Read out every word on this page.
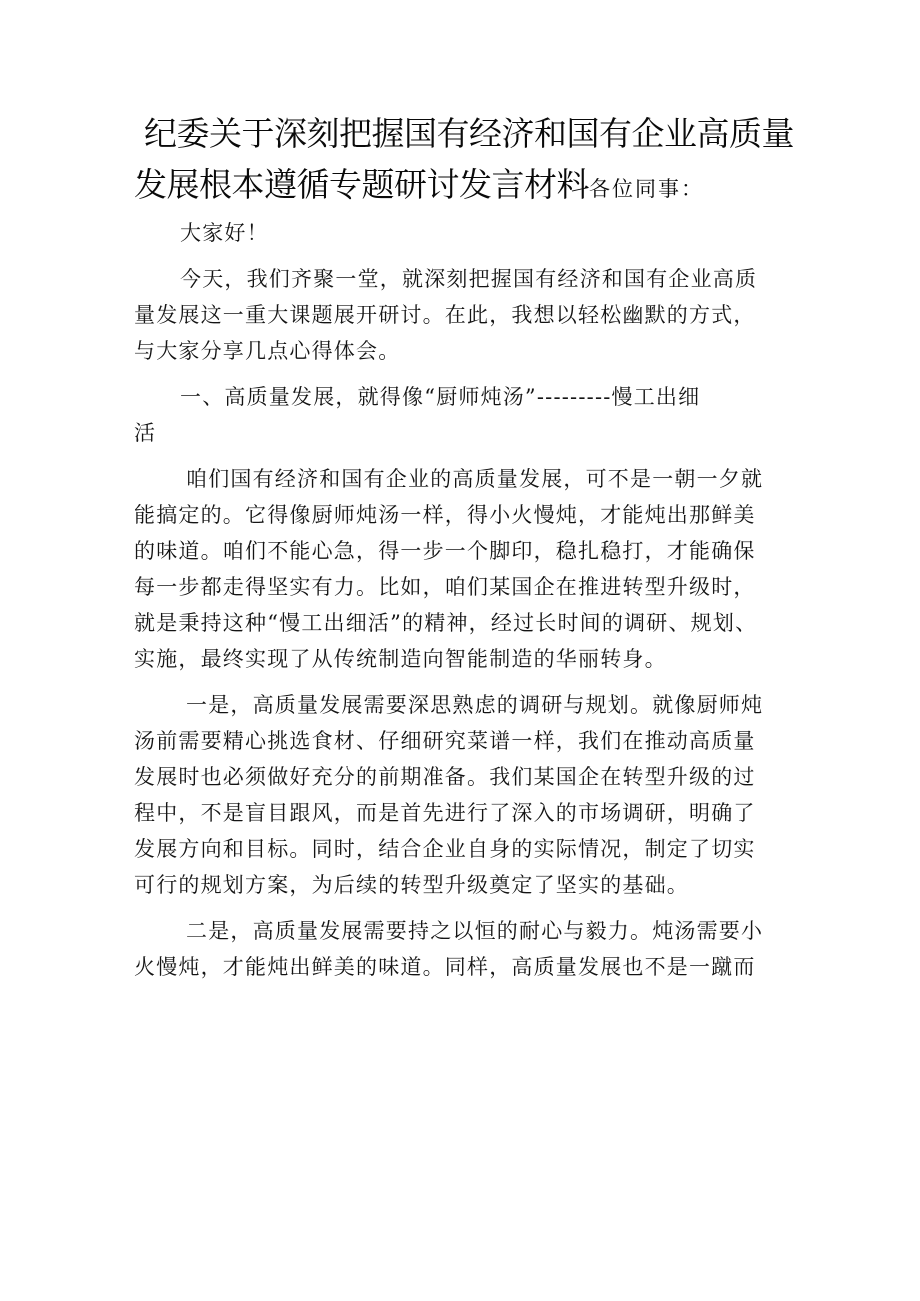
纪委关于深刻把握国有经济和国有企业高质量
发展根本遵循专题研讨发言材料各位同事：
大家好！
今天，我们齐聚一堂，就深刻把握国有经济和国有企业高质
量发展这一重大课题展开研讨。在此，我想以轻松幽默的方式，
与大家分享几点心得体会。
一、高质量发展，就得像“厨师炖汤”---------慢工出细
活
咱们国有经济和国有企业的高质量发展，可不是一朝一夕就
能搞定的。它得像厨师炖汤一样，得小火慢炖，才能炖出那鲜美
的味道。咱们不能心急，得一步一个脚印，稳扎稳打，才能确保
每一步都走得坚实有力。比如，咱们某国企在推进转型升级时，
就是秉持这种“慢工出细活”的精神，经过长时间的调研、规划、
实施，最终实现了从传统制造向智能制造的华丽转身。
一是，高质量发展需要深思熟虑的调研与规划。就像厨师炖
汤前需要精心挑选食材、仔细研究菜谱一样，我们在推动高质量
发展时也必须做好充分的前期准备。我们某国企在转型升级的过
程中，不是盲目跟风，而是首先进行了深入的市场调研，明确了
发展方向和目标。同时，结合企业自身的实际情况，制定了切实
可行的规划方案，为后续的转型升级奠定了坚实的基础。
二是，高质量发展需要持之以恒的耐心与毅力。炖汤需要小
火慢炖，才能炖出鲜美的味道。同样，高质量发展也不是一蹴而
